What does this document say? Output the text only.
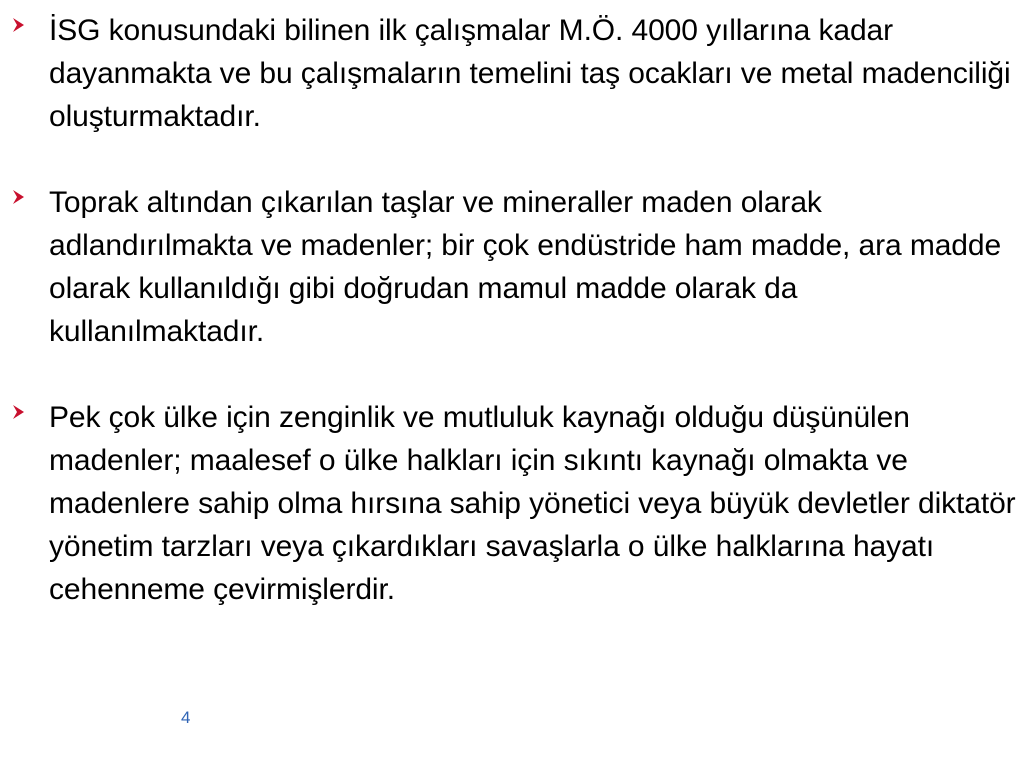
İSG konusundaki bilinen ilk çalışmalar M.Ö. 4000 yıllarına kadar dayanmakta ve bu çalışmaların temelini taş ocakları ve metal madenciliği oluşturmaktadır.
Toprak altından çıkarılan taşlar ve mineraller maden olarak adlandırılmakta ve madenler; bir çok endüstride ham madde, ara madde olarak kullanıldığı gibi doğrudan mamul madde olarak da kullanılmaktadır.
Pek çok ülke için zenginlik ve mutluluk kaynağı olduğu düşünülen madenler; maalesef o ülke halkları için sıkıntı kaynağı olmakta ve madenlere sahip olma hırsına sahip yönetici veya büyük devletler diktatör yönetim tarzları veya çıkardıkları savaşlarla o ülke halklarına hayatı cehenneme çevirmişlerdir.
4
